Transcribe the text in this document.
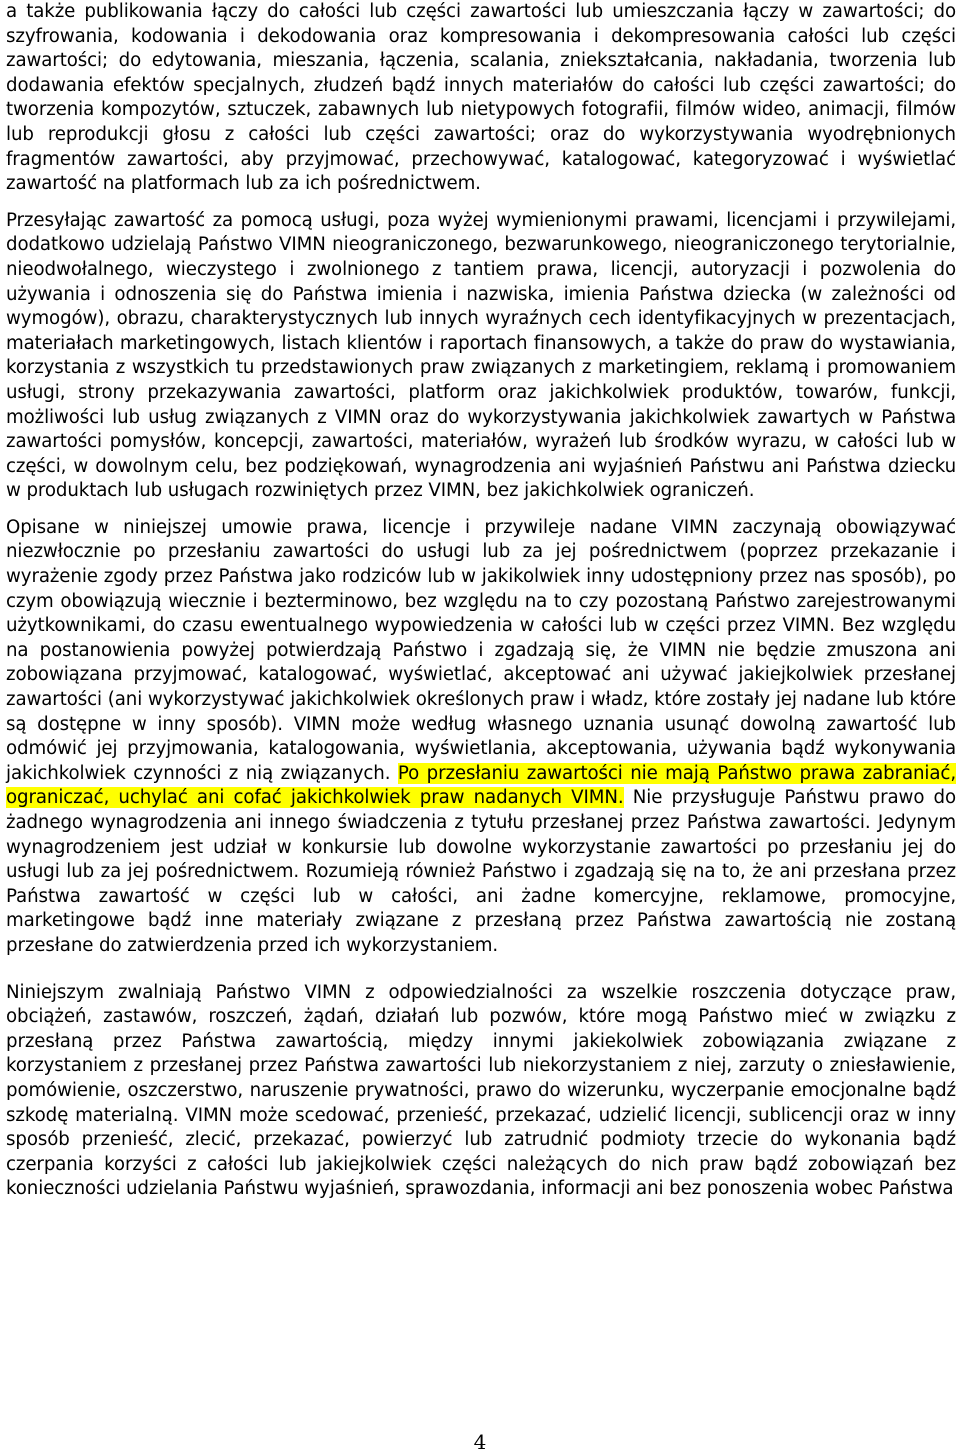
a także publikowania łączy do całości lub części zawartości lub umieszczania łączy w zawartości; do szyfrowania, kodowania i dekodowania oraz kompresowania i dekompresowania całości lub części zawartości; do edytowania, mieszania, łączenia, scalania, zniekształcania, nakładania, tworzenia lub dodawania efektów specjalnych, złudzeń bądź innych materiałów do całości lub części zawartości; do tworzenia kompozytów, sztuczek, zabawnych lub nietypowych fotografii, filmów wideo, animacji, filmów lub reprodukcji głosu z całości lub części zawartości; oraz do wykorzystywania wyodrębnionych fragmentów zawartości, aby przyjmować, przechowywać, katalogować, kategoryzować i wyświetlać zawartość na platformach lub za ich pośrednictwem.

Przesyłając zawartość za pomocą usługi, poza wyżej wymienionymi prawami, licencjami i przywilejami, dodatkowo udzielają Państwo VIMN nieograniczonego, bezwarunkowego, nieograniczonego terytorialnie, nieodwołalnego, wieczystego i zwolnionego z tantiem prawa, licencji, autoryzacji i pozwolenia do używania i odnoszenia się do Państwa imienia i nazwiska, imienia Państwa dziecka (w zależności od wymogów), obrazu, charakterystycznych lub innych wyraźnych cech identyfikacyjnych w prezentacjach, materiałach marketingowych, listach klientów i raportach finansowych, a także do praw do wystawiania, korzystania z wszystkich tu przedstawionych praw związanych z marketingiem, reklamą i promowaniem usługi, strony przekazywania zawartości, platform oraz jakichkolwiek produktów, towarów, funkcji, możliwości lub usług związanych z VIMN oraz do wykorzystywania jakichkolwiek zawartych w Państwa zawartości pomysłów, koncepcji, zawartości, materiałów, wyrażeń lub środków wyrazu, w całości lub w części, w dowolnym celu, bez podziękowań, wynagrodzenia ani wyjaśnień Państwu ani Państwa dziecku w produktach lub usługach rozwiniętych przez VIMN, bez jakichkolwiek ograniczeń.

Opisane w niniejszej umowie prawa, licencje i przywileje nadane VIMN zaczynają obowiązywać niezwłocznie po przesłaniu zawartości do usługi lub za jej pośrednictwem (poprzez przekazanie i wyrażenie zgody przez Państwa jako rodziców lub w jakikolwiek inny udostępniony przez nas sposób), po czym obowiązują wiecznie i bezterminowo, bez względu na to czy pozostaną Państwo zarejestrowanymi użytkownikami, do czasu ewentualnego wypowiedzenia w całości lub w części przez VIMN. Bez względu na postanowienia powyżej potwierdzają Państwo i zgadzają się, że VIMN nie będzie zmuszona ani zobowiązana przyjmować, katalogować, wyświetlać, akceptować ani używać jakiejkolwiek przesłanej zawartości (ani wykorzystywać jakichkolwiek określonych praw i władz, które zostały jej nadane lub które są dostępne w inny sposób). VIMN może według własnego uznania usunąć dowolną zawartość lub odmówić jej przyjmowania, katalogowania, wyświetlania, akceptowania, używania bądź wykonywania jakichkolwiek czynności z nią związanych. Po przesłaniu zawartości nie mają Państwo prawa zabraniać, ograniczać, uchylać ani cofać jakichkolwiek praw nadanych VIMN. Nie przysługuje Państwu prawo do żadnego wynagrodzenia ani innego świadczenia z tytułu przesłanej przez Państwa zawartości. Jedynym wynagrodzeniem jest udział w konkursie lub dowolne wykorzystanie zawartości po przesłaniu jej do usługi lub za jej pośrednictwem. Rozumieją również Państwo i zgadzają się na to, że ani przesłana przez Państwa zawartość w części lub w całości, ani żadne komercyjne, reklamowe, promocyjne, marketingowe bądź inne materiały związane z przesłaną przez Państwa zawartością nie zostaną przesłane do zatwierdzenia przed ich wykorzystaniem.

Niniejszym zwalniają Państwo VIMN z odpowiedzialności za wszelkie roszczenia dotyczące praw, obciążeń, zastawów, roszczeń, żądań, działań lub pozwów, które mogą Państwo mieć w związku z przesłaną przez Państwa zawartością, między innymi jakiekolwiek zobowiązania związane z korzystaniem z przesłanej przez Państwa zawartości lub niekorzystaniem z niej, zarzuty o zniesławienie, pomówienie, oszczerstwo, naruszenie prywatności, prawo do wizerunku, wyczerpanie emocjonalne bądź szkodę materialną. VIMN może scedować, przenieść, przekazać, udzielić licencji, sublicencji oraz w inny sposób przenieść, zlecić, przekazać, powierzyć lub zatrudnić podmioty trzecie do wykonania bądź czerpania korzyści z całości lub jakiejkolwiek części należących do nich praw bądź zobowiązań bez konieczności udzielania Państwu wyjaśnień, sprawozdania, informacji ani bez ponoszenia wobec Państwa

4
